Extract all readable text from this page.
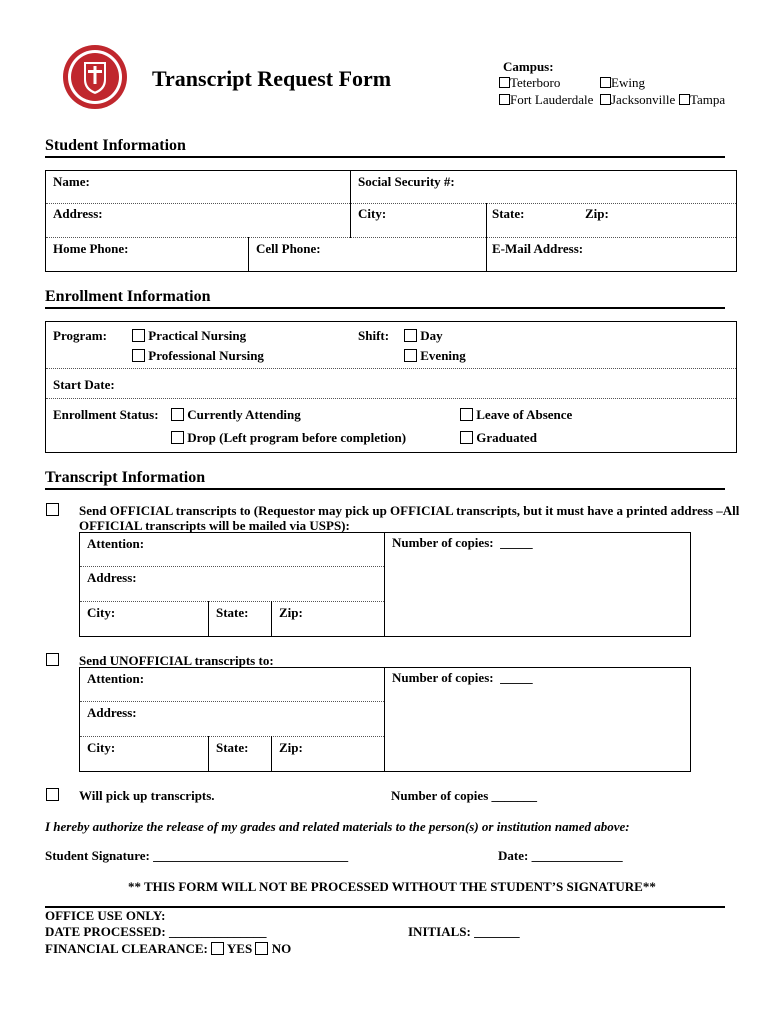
Transcript Request Form	Campus:
Teterboro	Ewing
Fort Lauderdale	Jacksonville	Tampa
Student Information
Name:	Social Security #:
Address:	City:	State:	Zip:
Home Phone:	Cell Phone:	E-Mail Address:
Enrollment Information
Program:	Practical Nursing
Professional Nursing
Shift:	Day
Evening
Start Date:
Enrollment Status:	Currently Attending
Drop (Left program before completion)
Leave of Absence
Graduated
Transcript Information
Send OFFICIAL transcripts to (Requestor may pick up OFFICIAL transcripts, but it must have a printed address –All
OFFICIAL transcripts will be mailed via USPS):
Attention:	Number of copies:  _____
Address:
City:	State: Zip:
Send UNOFFICIAL transcripts to:
Attention:	Number of copies:  _____
Address:
City:	State: Zip:
Will pick up transcripts.	Number of copies _______
I hereby authorize the release of my grades and related materials to the person(s) or institution named above:
Student Signature: ______________________________	Date: ______________
** THIS FORM WILL NOT BE PROCESSED WITHOUT THE STUDENT’S SIGNATURE**
OFFICE USE ONLY:
DATE PROCESSED: _______________	INITIALS: _______
FINANCIAL CLEARANCE: YES NO
